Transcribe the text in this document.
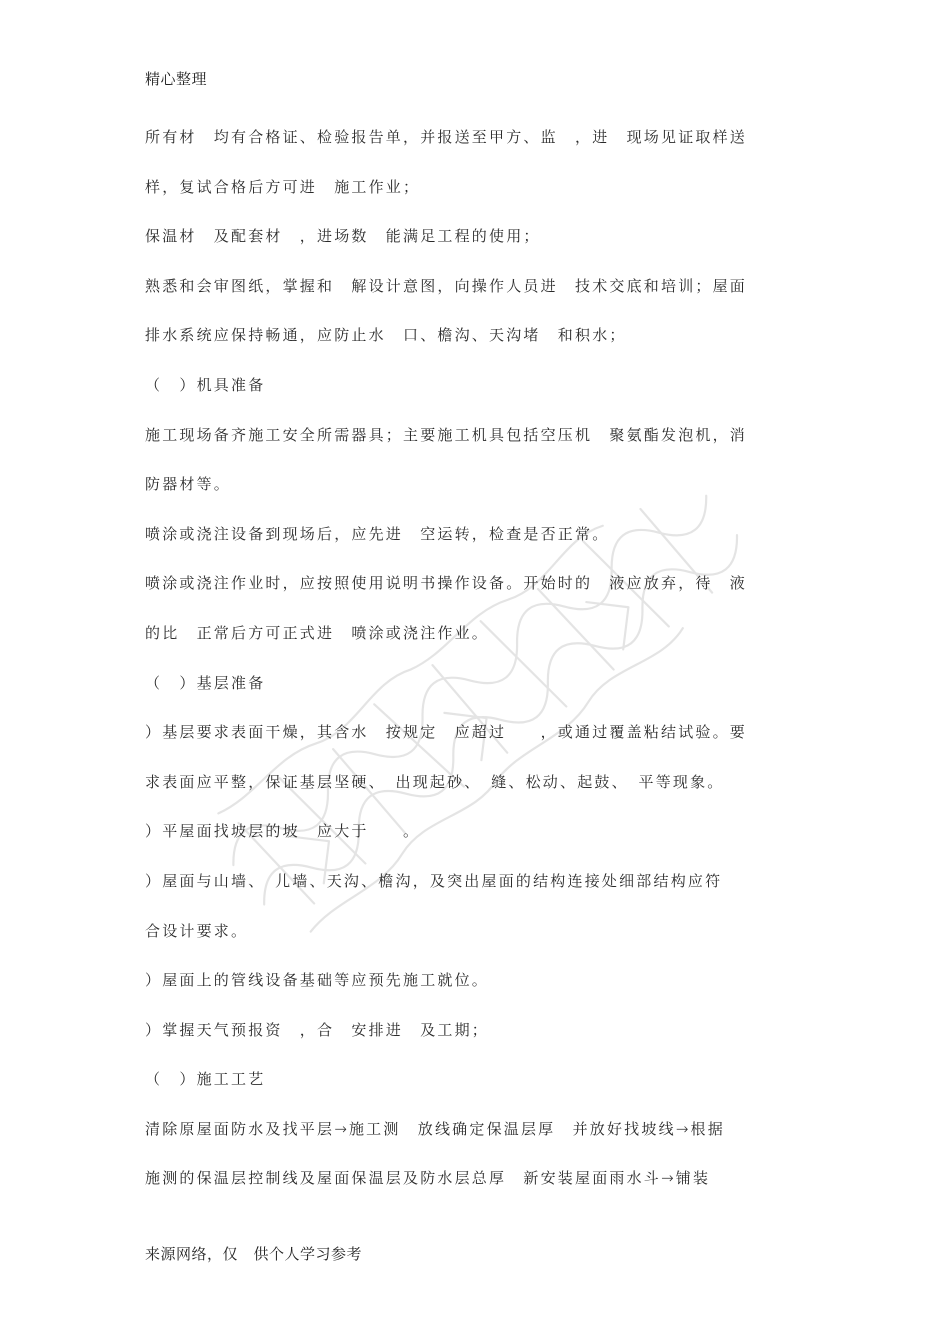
精心整理
所有材　均有合格证、检验报告单，并报送至甲方、监　，进　现场见证取样送
样，复试合格后方可进　施工作业；
保温材　及配套材　，进场数　能满足工程的使用；
熟悉和会审图纸，掌握和　解设计意图，向操作人员进　技术交底和培训；屋面
排水系统应保持畅通，应防止水　口、檐沟、天沟堵　和积水；
（　）机具准备
施工现场备齐施工安全所需器具；主要施工机具包括空压机　聚氨酯发泡机，消
防器材等。
喷涂或浇注设备到现场后，应先进　空运转，检查是否正常。
喷涂或浇注作业时，应按照使用说明书操作设备。开始时的　液应放弃，待　液
的比　正常后方可正式进　喷涂或浇注作业。
（　）基层准备
）基层要求表面干燥，其含水　按规定　应超过　　，或通过覆盖粘结试验。要
求表面应平整，保证基层坚硬、　出现起砂、　缝、松动、起鼓、　平等现象。
）平屋面找坡层的坡　应大于　　。
）屋面与山墙、　儿墙、天沟、檐沟，及突出屋面的结构连接处细部结构应符
合设计要求。
）屋面上的管线设备基础等应预先施工就位。
）掌握天气预报资　，合　安排进　及工期；
（　）施工工艺
清除原屋面防水及找平层→施工测　放线确定保温层厚　并放好找坡线→根据
施测的保温层控制线及屋面保温层及防水层总厚　新安装屋面雨水斗→铺装
来源网络，仅　供个人学习参考
